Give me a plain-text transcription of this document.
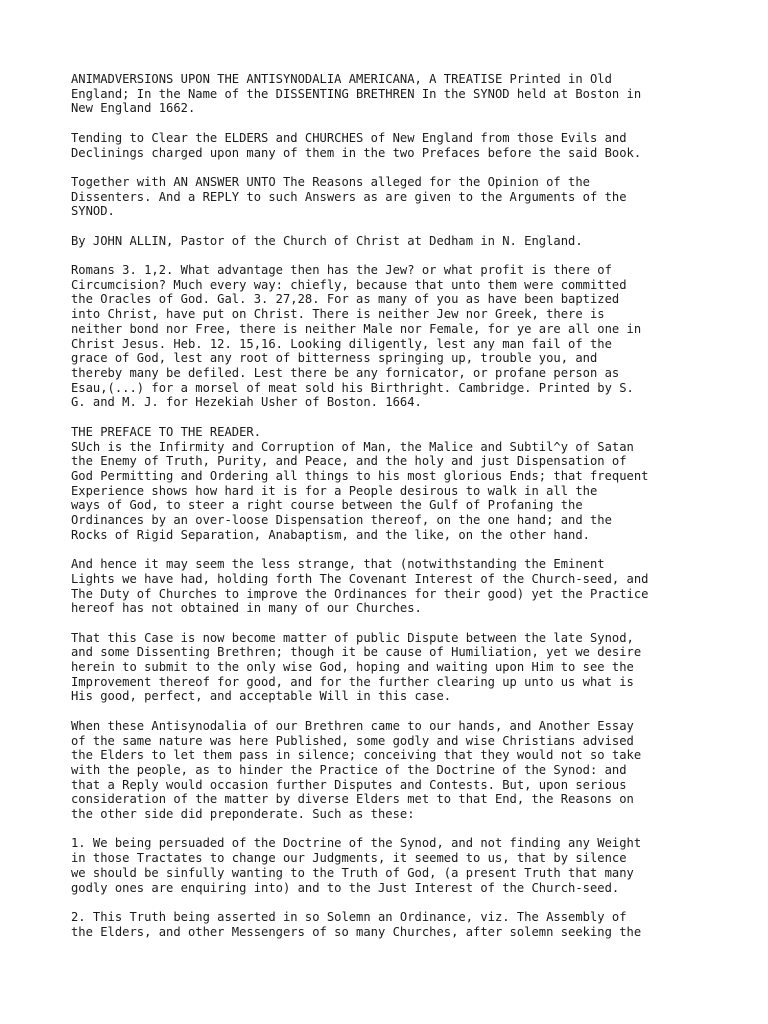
ANIMADVERSIONS UPON THE ANTISYNODALIA AMERICANA, A TREATISE Printed in Old
England; In the Name of the DISSENTING BRETHREN In the SYNOD held at Boston in
New England 1662.

Tending to Clear the ELDERS and CHURCHES of New England from those Evils and
Declinings charged upon many of them in the two Prefaces before the said Book.

Together with AN ANSWER UNTO The Reasons alleged for the Opinion of the
Dissenters. And a REPLY to such Answers as are given to the Arguments of the
SYNOD.

By JOHN ALLIN, Pastor of the Church of Christ at Dedham in N. England.

Romans 3. 1,2. What advantage then has the Jew? or what profit is there of
Circumcision? Much every way: chiefly, because that unto them were committed
the Oracles of God. Gal. 3. 27,28. For as many of you as have been baptized
into Christ, have put on Christ. There is neither Jew nor Greek, there is
neither bond nor Free, there is neither Male nor Female, for ye are all one in
Christ Jesus. Heb. 12. 15,16. Looking diligently, lest any man fail of the
grace of God, lest any root of bitterness springing up, trouble you, and
thereby many be defiled. Lest there be any fornicator, or profane person as
Esau,(...) for a morsel of meat sold his Birthright. Cambridge. Printed by S.
G. and M. J. for Hezekiah Usher of Boston. 1664.

THE PREFACE TO THE READER.
SUch is the Infirmity and Corruption of Man, the Malice and Subtil^y of Satan
the Enemy of Truth, Purity, and Peace, and the holy and just Dispensation of
God Permitting and Ordering all things to his most glorious Ends; that frequent
Experience shows how hard it is for a People desirous to walk in all the
ways of God, to steer a right course between the Gulf of Profaning the
Ordinances by an over-loose Dispensation thereof, on the one hand; and the
Rocks of Rigid Separation, Anabaptism, and the like, on the other hand.

And hence it may seem the less strange, that (notwithstanding the Eminent
Lights we have had, holding forth The Covenant Interest of the Church-seed, and
The Duty of Churches to improve the Ordinances for their good) yet the Practice
hereof has not obtained in many of our Churches.

That this Case is now become matter of public Dispute between the late Synod,
and some Dissenting Brethren; though it be cause of Humiliation, yet we desire
herein to submit to the only wise God, hoping and waiting upon Him to see the
Improvement thereof for good, and for the further clearing up unto us what is
His good, perfect, and acceptable Will in this case.

When these Antisynodalia of our Brethren came to our hands, and Another Essay
of the same nature was here Published, some godly and wise Christians advised
the Elders to let them pass in silence; conceiving that they would not so take
with the people, as to hinder the Practice of the Doctrine of the Synod: and
that a Reply would occasion further Disputes and Contests. But, upon serious
consideration of the matter by diverse Elders met to that End, the Reasons on
the other side did preponderate. Such as these:

1. We being persuaded of the Doctrine of the Synod, and not finding any Weight
in those Tractates to change our Judgments, it seemed to us, that by silence
we should be sinfully wanting to the Truth of God, (a present Truth that many
godly ones are enquiring into) and to the Just Interest of the Church-seed.

2. This Truth being asserted in so Solemn an Ordinance, viz. The Assembly of
the Elders, and other Messengers of so many Churches, after solemn seeking the
